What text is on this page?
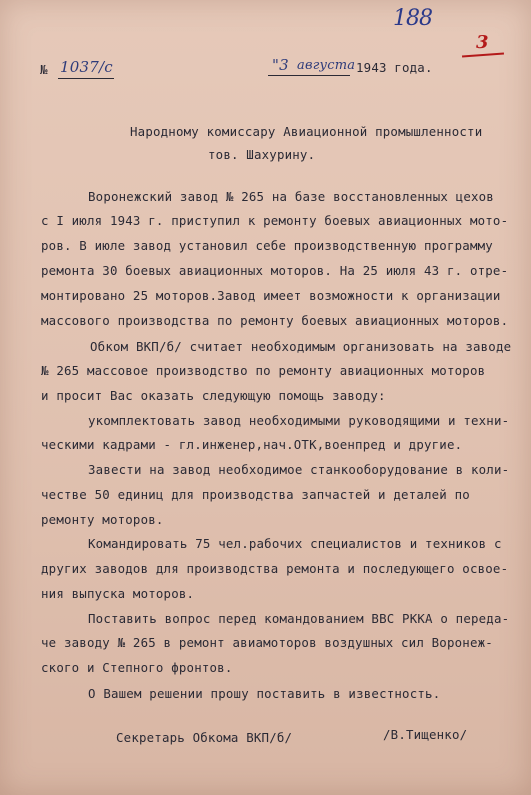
188
3
№ 1037/с	"3 августа 1943 года.
Народному комиссару Авиационной промышленности
тов. Шахурину.
Воронежский завод № 265 на базе восстановленных цехов
с I июля 1943 г. приступил к ремонту боевых авиационных мото-
ров. В июле завод установил себе производственную программу
ремонта 30 боевых авиационных моторов. На 25 июля 43 г. отре-
монтировано 25 моторов.Завод имеет возможности к организации
массового производства по ремонту боевых авиационных моторов.
Обком ВКП/б/ считает необходимым организовать на заводе
№ 265 массовое производство по ремонту авиационных моторов
и просит Вас оказать следующую помощь заводу:
укомплектовать завод необходимыми руководящими и техни-
ческими кадрами - гл.инженер,нач.ОТК,военпред и другие.
Завести на завод необходимое станкооборудование в коли-
честве 50 единиц для производства запчастей и деталей по
ремонту моторов.
Командировать 75 чел.рабочих специалистов и техников с
других заводов для производства ремонта и последующего освое-
ния выпуска моторов.
Поставить вопрос перед командованием ВВС РККА о переда-
че заводу № 265 в ремонт авиамоторов воздушных сил Воронеж-
ского и Степного фронтов.
О Вашем решении прошу поставить в известность.
Секретарь Обкома ВКП/б/	/В.Тищенко/
